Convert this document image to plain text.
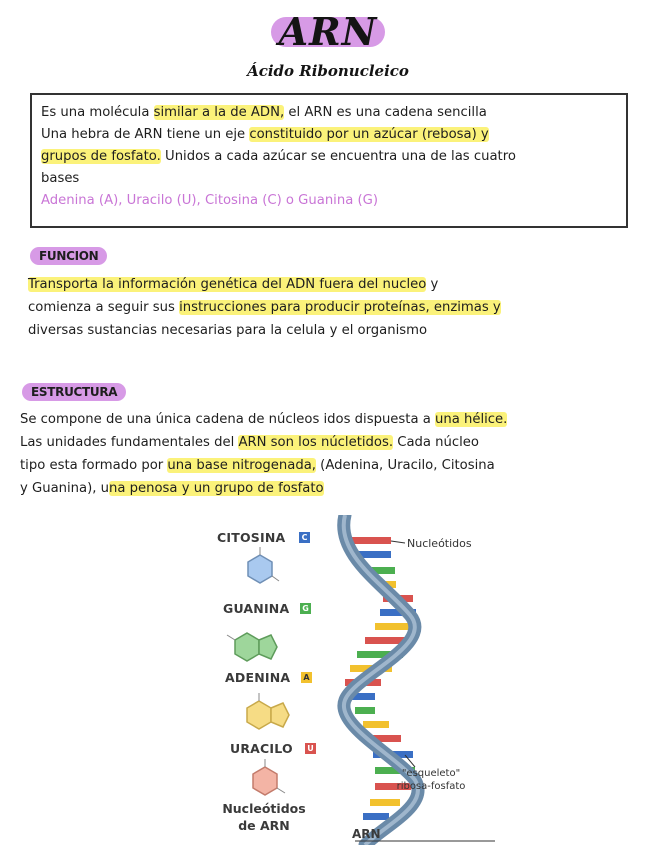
ARN
Ácido Ribonucleico

Es una molécula similar a la de ADN, el ARN es una cadena sencilla

Una hebra de ARN tiene un eje constituido por un azúcar (rebosa) y

grupos de fosfato. Unidos a cada azúcar se encuentra una de las cuatro

bases

Adenina (A), Uracilo (U), Citosina (C) o Guanina (G)

FUNCION

Transporta la información genética del ADN fuera del nucleo y

comienza a seguir sus instrucciones para producir proteínas, enzimas y

diversas sustancias necesarias para la celula y el organismo

ESTRUCTURA

Se compone de una única cadena de núcleos idos dispuesta a una hélice.

Las unidades fundamentales del ARN son los núcletidos. Cada núcleo

tipo esta formado por una base nitrogenada, (Adenina, Uracilo, Citosina

y Guanina), una penosa y un grupo de fosfato

CITOSINA	C
GUANINA G
ADENINA A
URACILO U
Nucleótidos
de ARN
Nucleótidos
"esqueleto"
ribosa-fosfato
ARN
